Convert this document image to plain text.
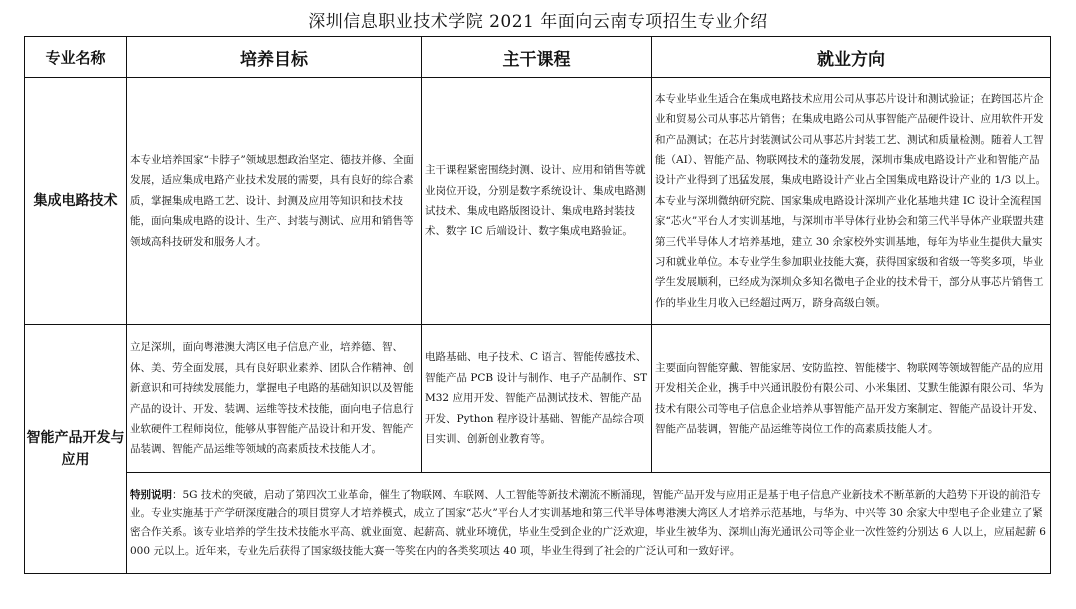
深圳信息职业技术学院 2021 年面向云南专项招生专业介绍
专业名称	培养目标	主干课程	就业方向
集成电路技术	本专业培养国家“卡脖子”领域思想政治坚定、德技并修、全面发展，适应集成电路产业技术发展的需要，具有良好的综合素质，掌握集成电路工艺、设计、封测及应用等知识和技术技能，面向集成电路的设计、生产、封装与测试、应用和销售等领域高科技研发和服务人才。	主干课程紧密围绕封测、设计、应用和销售等就业岗位开设，分别是数字系统设计、集成电路测试技术、集成电路版图设计、集成电路封装技术、数字 IC 后端设计、数字集成电路验证。	本专业毕业生适合在集成电路技术应用公司从事芯片设计和测试验证；在跨国芯片企业和贸易公司从事芯片销售；在集成电路公司从事智能产品硬件设计、应用软件开发和产品测试；在芯片封装测试公司从事芯片封装工艺、测试和质量检测。随着人工智能（AI）、智能产品、物联网技术的蓬勃发展，深圳市集成电路设计产业和智能产品设计产业得到了迅猛发展，集成电路设计产业占全国集成电路设计产业的 1/3 以上。本专业与深圳微纳研究院、国家集成电路设计深圳产业化基地共建 IC 设计全流程国家“芯火”平台人才实训基地，与深圳市半导体行业协会和第三代半导体产业联盟共建第三代半导体人才培养基地，建立 30 余家校外实训基地，每年为毕业生提供大量实习和就业单位。本专业学生参加职业技能大赛，获得国家级和省级一等奖多项，毕业学生发展顺利，已经成为深圳众多知名微电子企业的技术骨干，部分从事芯片销售工作的毕业生月收入已经超过两万，跻身高级白领。
智能产品开发与应用	立足深圳，面向粤港澳大湾区电子信息产业，培养德、智、体、美、劳全面发展，具有良好职业素养、团队合作精神、创新意识和可持续发展能力，掌握电子电路的基础知识以及智能产品的设计、开发、装调、运维等技术技能，面向电子信息行业软硬件工程师岗位，能够从事智能产品设计和开发、智能产品装调、智能产品运维等领域的高素质技术技能人才。	电路基础、电子技术、C 语言、智能传感技术、智能产品 PCB 设计与制作、电子产品制作、STM32 应用开发、智能产品测试技术、智能产品开发、Python 程序设计基础、智能产品综合项目实训、创新创业教育等。	主要面向智能穿戴、智能家居、安防监控、智能楼宇、物联网等领域智能产品的应用开发相关企业，携手中兴通讯股份有限公司、小米集团、艾默生能源有限公司、华为技术有限公司等电子信息企业培养从事智能产品开发方案制定、智能产品设计开发、智能产品装调，智能产品运维等岗位工作的高素质技能人才。
	特别说明：5G 技术的突破，启动了第四次工业革命，催生了物联网、车联网、人工智能等新技术潮流不断涌现，智能产品开发与应用正是基于电子信息产业新技术不断革新的大趋势下开设的前沿专业。专业实施基于产学研深度融合的项目贯穿人才培养模式，成立了国家“芯火”平台人才实训基地和第三代半导体粤港澳大湾区人才培养示范基地，与华为、中兴等 30 余家大中型电子企业建立了紧密合作关系。该专业培养的学生技术技能水平高、就业面宽、起薪高、就业环境优，毕业生受到企业的广泛欢迎，毕业生被华为、深圳山海光通讯公司等企业一次性签约分别达 6 人以上，应届起薪 6000 元以上。近年来，专业先后获得了国家级技能大赛一等奖在内的各类奖项达 40 项，毕业生得到了社会的广泛认可和一致好评。		
